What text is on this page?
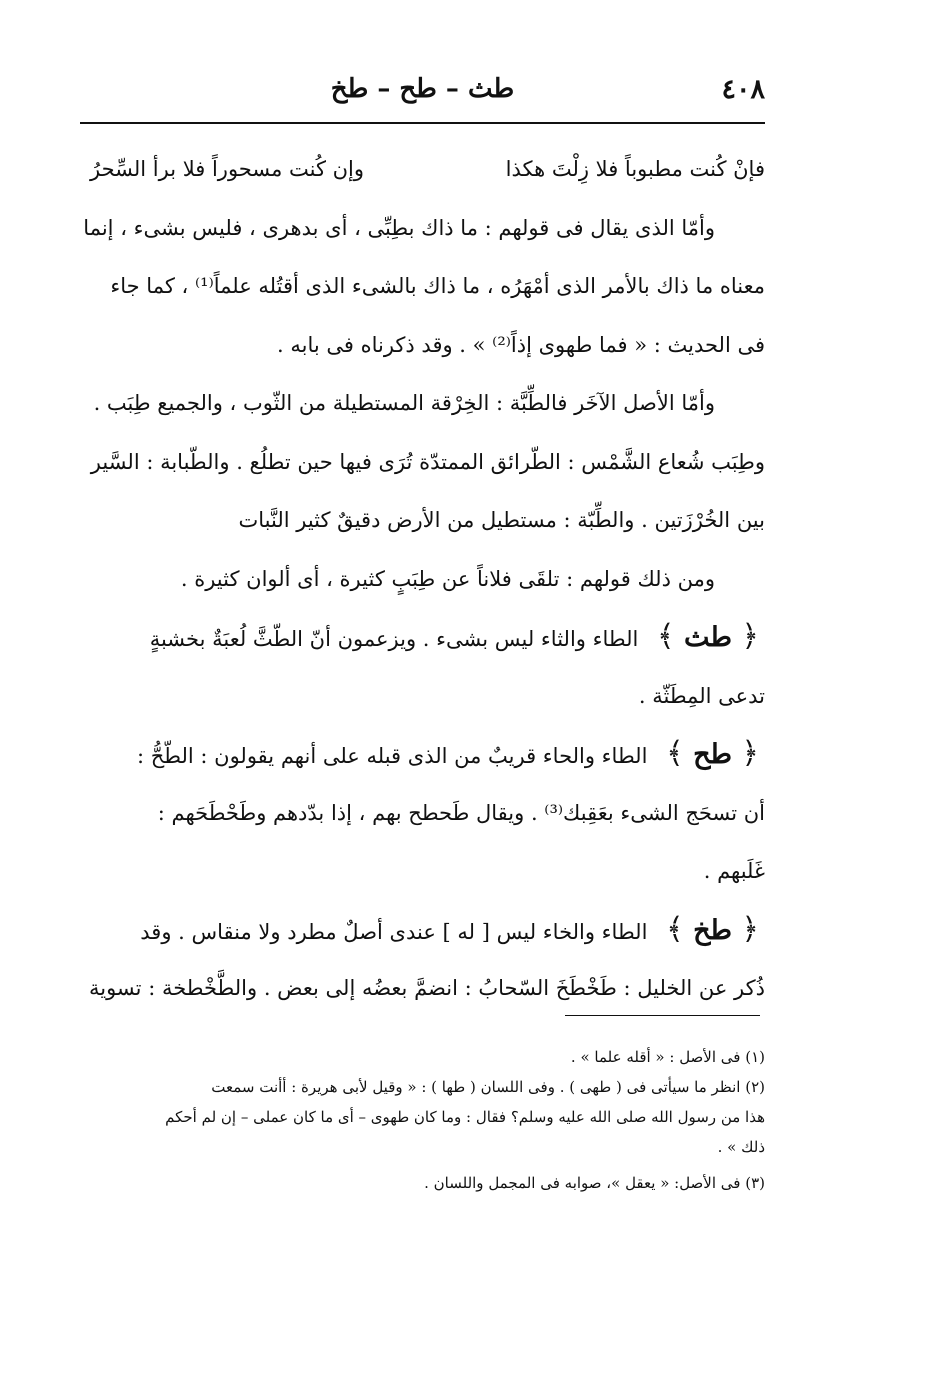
٤٠٨
طث – طح – طخ
فإنْ كُنت مطبوباً فلا زِلْتَ هكذا
وإن كُنت مسحوراً فلا برأ السِّحرُ
وأمّا الذى يقال فى قولهم : ما ذاك بطِبِّى ، أى بدهرى ، فليس بشىء ، إنما
معناه ما ذاك بالأمر الذى أمْهَرُه ، ما ذاك بالشىء الذى أقتُله علماً⁽¹⁾ ، كما جاء
فى الحديث : « فما طهوى إذاً⁽²⁾ » . وقد ذكرناه فى بابه .
وأمّا الأصل الآخَر فالطِّبَّة : الخِرْقة المستطيلة من الثّوب ، والجميع طِبَب .
وطِبَب شُعاع الشَّمْس : الطّرائق الممتدّة تُرَى فيها حين تطلُع . والطّبابة : السَّير
بين الخُرْزَتين . والطِّبّة : مستطيل من الأرض دقيقٌ كثير النَّبات
ومن ذلك قولهم : تلقَى فلاناً عن طِبَبٍ كثيرة ، أى ألوان كثيرة .
﴿ طث ﴾ الطاء والثاء ليس بشىء . ويزعمون أنّ الطّثَّ لُعبَةٌ بخشبةٍ
تدعى المِطَثّة .
﴿ طح ﴾ الطاء والحاء قريبٌ من الذى قبله على أنهم يقولون : الطّحُّ :
أن تسحَج الشىء بعَقِبك⁽³⁾ . ويقال طَحطح بهم ، إذا بدّدهم وطَحْطَحَهم :
غَلَبهم .
﴿ طخ ﴾ الطاء والخاء ليس [ له ] عندى أصلٌ مطرد ولا منقاس . وقد
ذُكر عن الخليل : طَخْطَخَ السّحابُ : انضمَّ بعضُه إلى بعض . والطَّخْطخة : تسوية
(١) فى الأصل : « أقله علما » .
(٢) انظر ما سيأتى فى ( طهى ) . وفى اللسان ( طها ) : « وقيل لأبى هريرة : أأنت سمعت
هذا من رسول الله صلى الله عليه وسلم؟ فقال : وما كان طهوى – أى ما كان عملى – إن لم أحكم
ذلك » .
(٣) فى الأصل: « يعقل »، صوابه فى المجمل واللسان .
